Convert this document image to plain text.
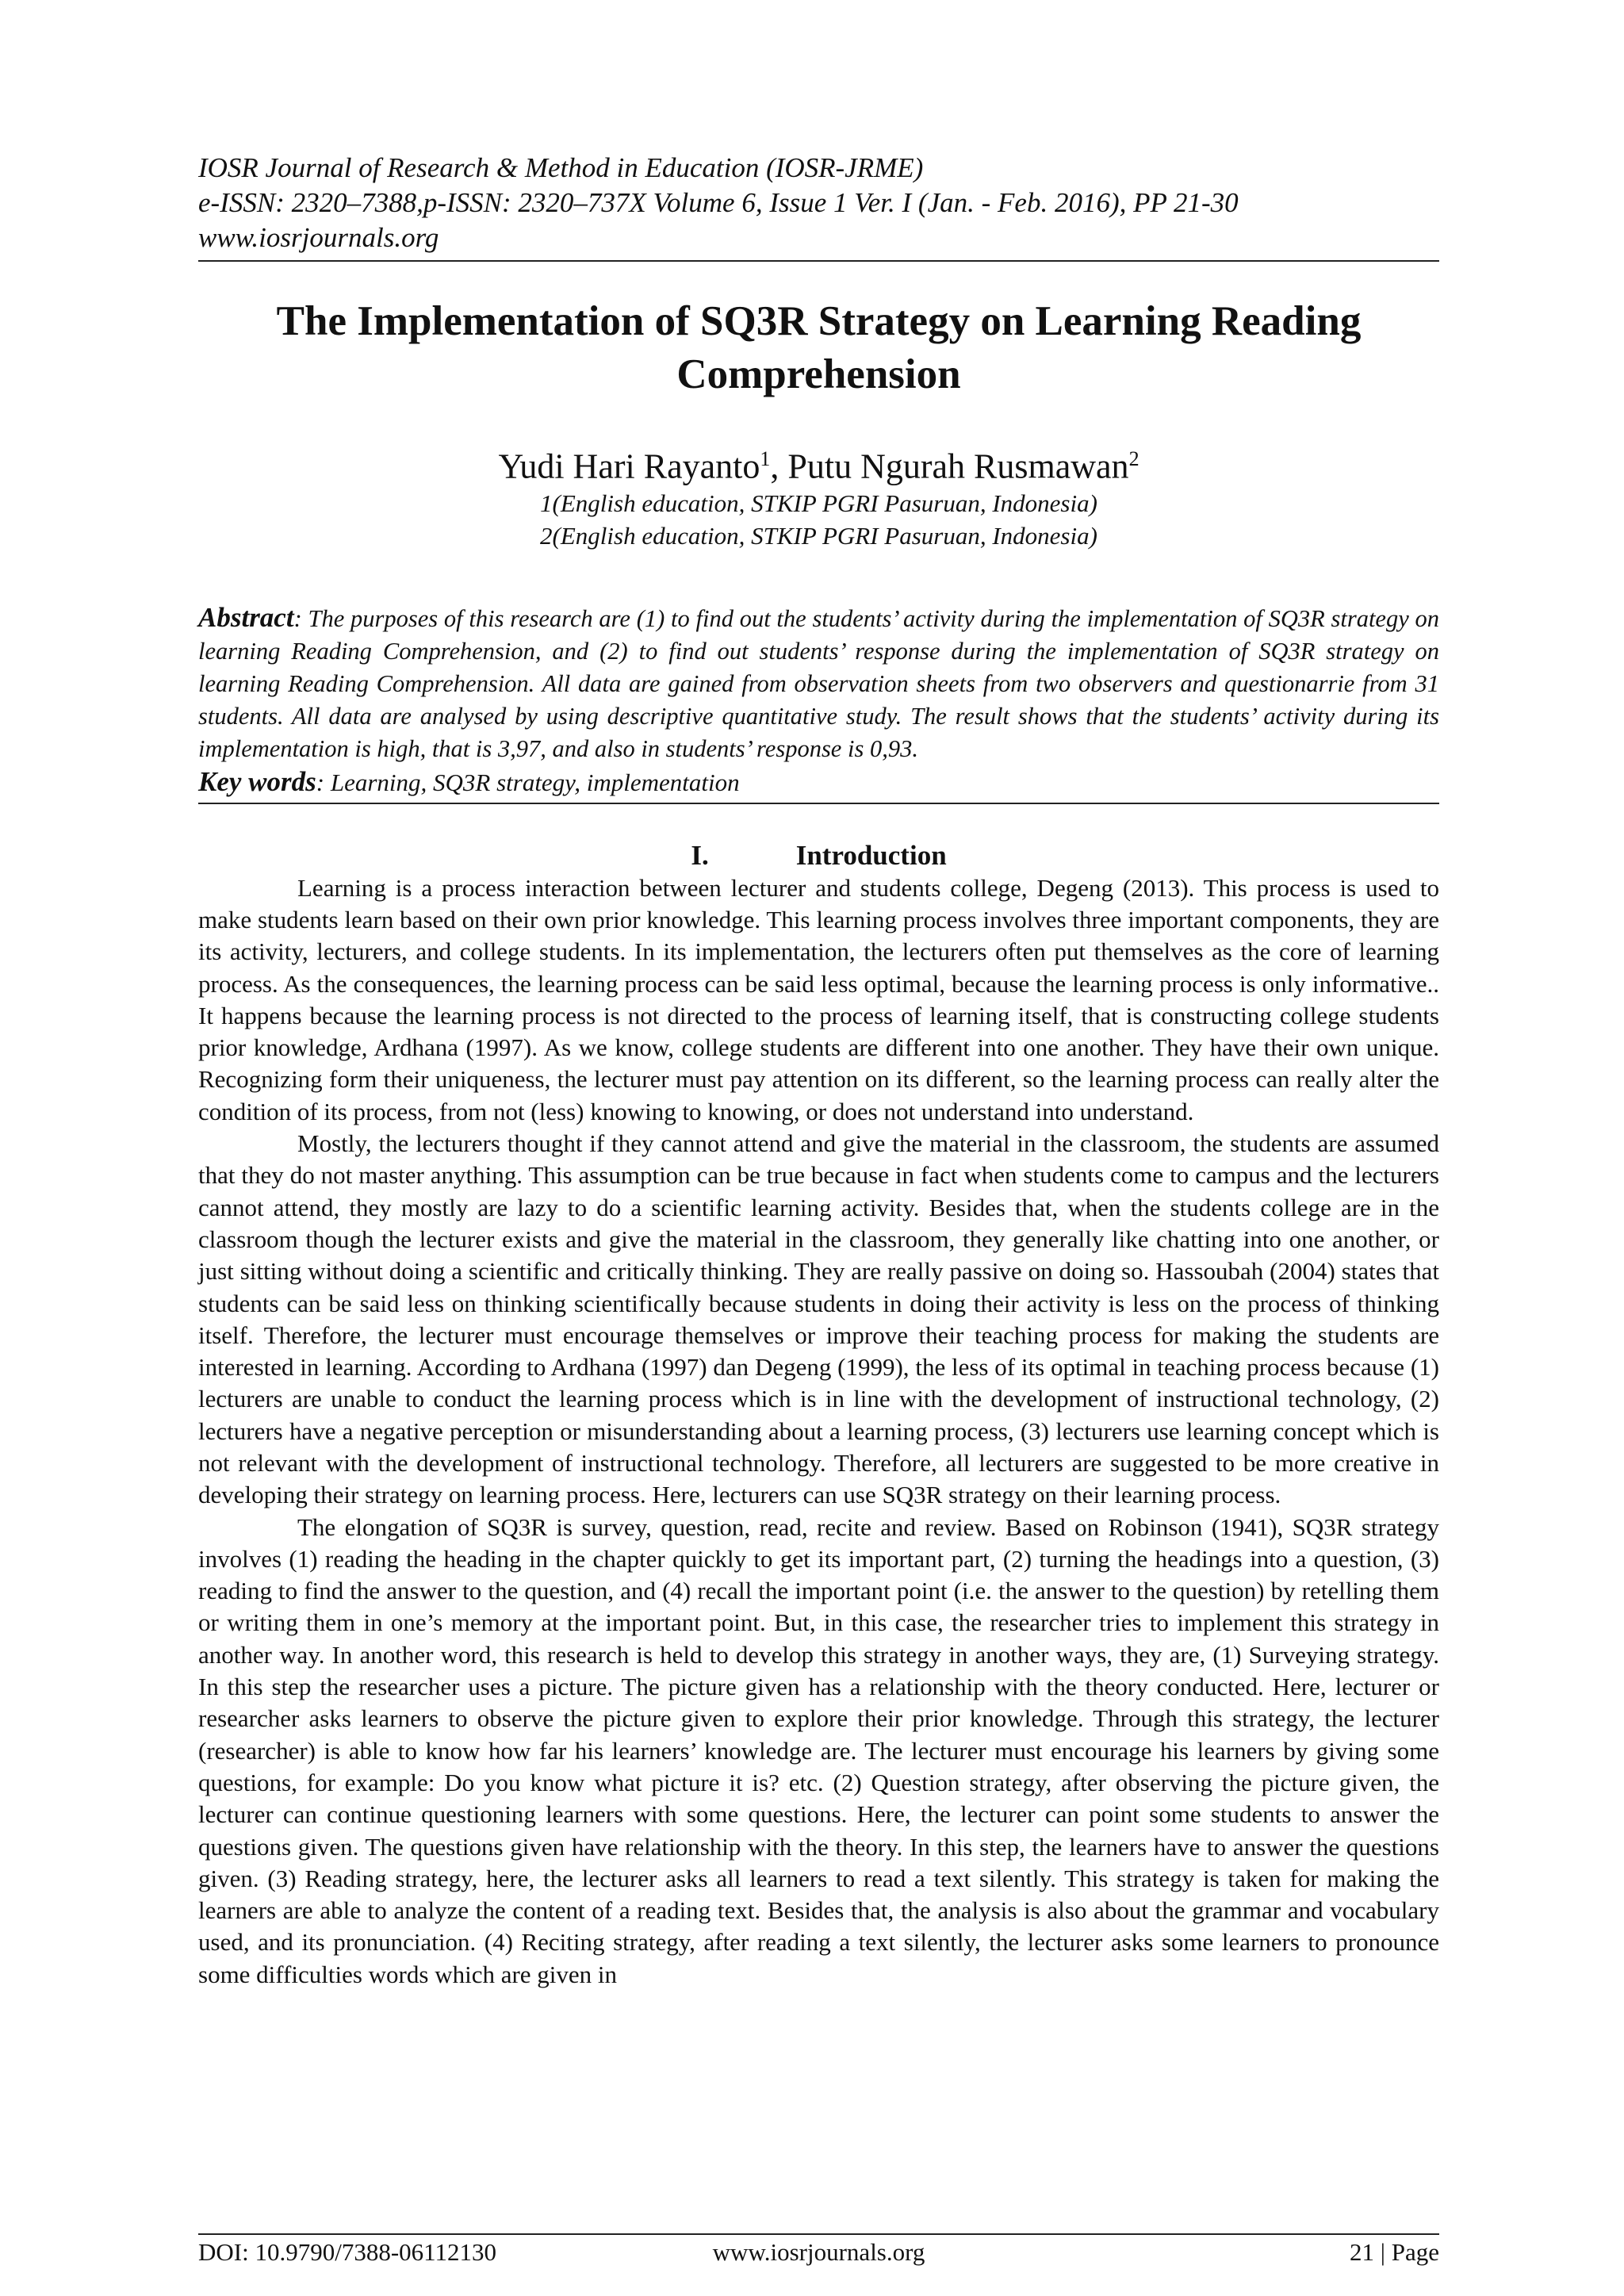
IOSR Journal of Research & Method in Education (IOSR-JRME)
e-ISSN: 2320–7388,p-ISSN: 2320–737X Volume 6, Issue 1 Ver. I (Jan. - Feb. 2016), PP 21-30
www.iosrjournals.org
The Implementation of SQ3R Strategy on Learning Reading Comprehension
Yudi Hari Rayanto$^1$, Putu Ngurah Rusmawan$^2$
1(English education, STKIP PGRI Pasuruan, Indonesia)
2(English education, STKIP PGRI Pasuruan, Indonesia)
Abstract: The purposes of this research are (1) to find out the students’ activity during the implementation of SQ3R strategy on learning Reading Comprehension, and (2) to find out students’ response during the implementation of SQ3R strategy on learning Reading Comprehension. All data are gained from observation sheets from two observers and questionarrie from 31 students. All data are analysed by using descriptive quantitative study. The result shows that the students’ activity during its implementation is high, that is 3,97, and also in students’ response is 0,93.
Key words: Learning, SQ3R strategy, implementation
I.	Introduction

Learning is a process interaction between lecturer and students college, Degeng (2013). This process is used to make students learn based on their own prior knowledge. This learning process involves three important components, they are its activity, lecturers, and college students. In its implementation, the lecturers often put themselves as the core of learning process. As the consequences, the learning process can be said less optimal, because the learning process is only informative.. It happens because the learning process is not directed to the process of learning itself, that is constructing college students prior knowledge, Ardhana (1997). As we know, college students are different into one another. They have their own unique. Recognizing form their uniqueness, the lecturer must pay attention on its different, so the learning process can really alter the condition of its process, from not (less) knowing to knowing, or does not understand into understand.

Mostly, the lecturers thought if they cannot attend and give the material in the classroom, the students are assumed that they do not master anything. This assumption can be true because in fact when students come to campus and the lecturers cannot attend, they mostly are lazy to do a scientific learning activity. Besides that, when the students college are in the classroom though the lecturer exists and give the material in the classroom, they generally like chatting into one another, or just sitting without doing a scientific and critically thinking. They are really passive on doing so. Hassoubah (2004) states that students can be said less on thinking scientifically because students in doing their activity is less on the process of thinking itself. Therefore, the lecturer must encourage themselves or improve their teaching process for making the students are interested in learning. According to Ardhana (1997) dan Degeng (1999), the less of its optimal in teaching process because (1) lecturers are unable to conduct the learning process which is in line with the development of instructional technology, (2) lecturers have a negative perception or misunderstanding about a learning process, (3) lecturers use learning concept which is not relevant with the development of instructional technology. Therefore, all lecturers are suggested to be more creative in developing their strategy on learning process. Here, lecturers can use SQ3R strategy on their learning process.

The elongation of SQ3R is survey, question, read, recite and review. Based on Robinson (1941), SQ3R strategy involves (1) reading the heading in the chapter quickly to get its important part, (2) turning the headings into a question, (3) reading to find the answer to the question, and (4) recall the important point (i.e. the answer to the question) by retelling them or writing them in one’s memory at the important point. But, in this case, the researcher tries to implement this strategy in another way. In another word, this research is held to develop this strategy in another ways, they are, (1) Surveying strategy. In this step the researcher uses a picture. The picture given has a relationship with the theory conducted. Here, lecturer or researcher asks learners to observe the picture given to explore their prior knowledge. Through this strategy, the lecturer (researcher) is able to know how far his learners’ knowledge are. The lecturer must encourage his learners by giving some questions, for example: Do you know what picture it is? etc. (2) Question strategy, after observing the picture given, the lecturer can continue questioning learners with some questions. Here, the lecturer can point some students to answer the questions given. The questions given have relationship with the theory. In this step, the learners have to answer the questions given. (3) Reading strategy, here, the lecturer asks all learners to read a text silently. This strategy is taken for making the learners are able to analyze the content of a reading text. Besides that, the analysis is also about the grammar and vocabulary used, and its pronunciation. (4) Reciting strategy, after reading a text silently, the lecturer asks some learners to pronounce some difficulties words which are given in

DOI: 10.9790/7388-06112130	www.iosrjournals.org	21 | Page
